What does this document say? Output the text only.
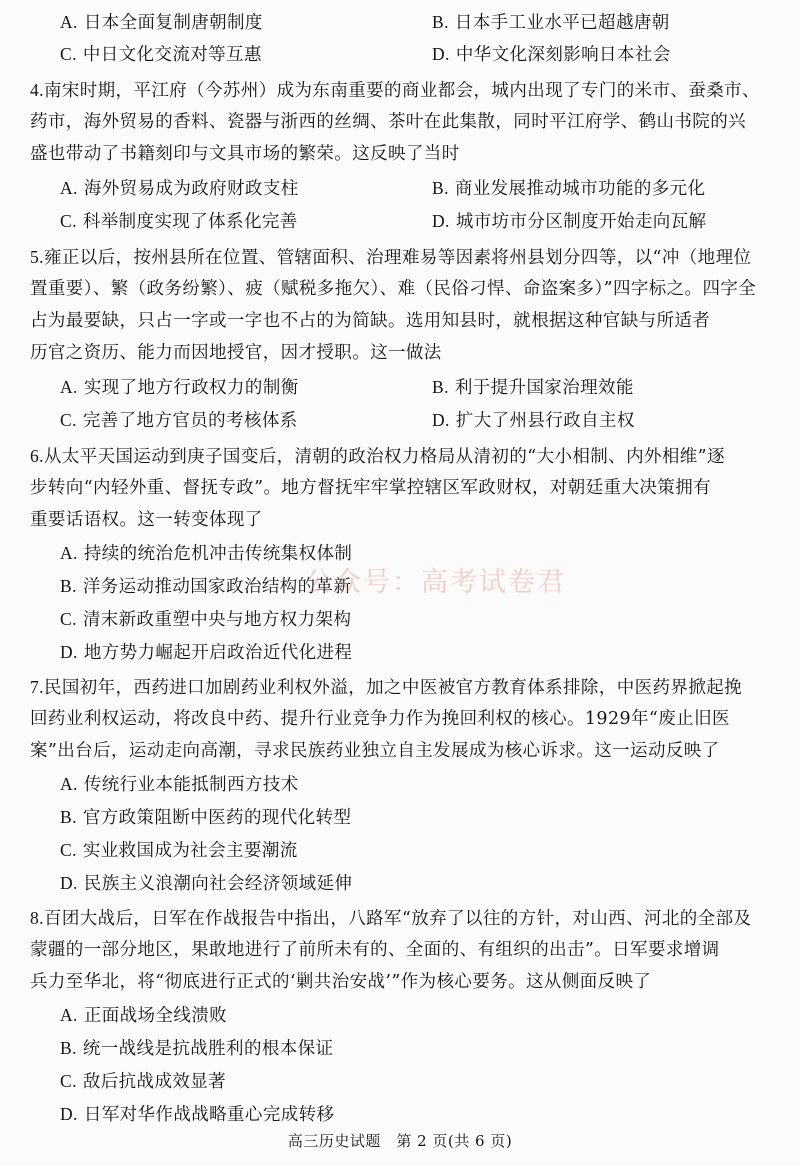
A. 日本全面复制唐朝制度	B. 日本手工业水平已超越唐朝
C. 中日文化交流对等互惠	D. 中华文化深刻影响日本社会
4.南宋时期，平江府（今苏州）成为东南重要的商业都会，城内出现了专门的米市、蚕桑市、
药市，海外贸易的香料、瓷器与浙西的丝绸、茶叶在此集散，同时平江府学、鹤山书院的兴
盛也带动了书籍刻印与文具市场的繁荣。这反映了当时
A. 海外贸易成为政府财政支柱	B. 商业发展推动城市功能的多元化
C. 科举制度实现了体系化完善	D. 城市坊市分区制度开始走向瓦解
5.雍正以后，按州县所在位置、管辖面积、治理难易等因素将州县划分四等，以“冲（地理位
置重要）、繁（政务纷繁）、疲（赋税多拖欠）、难（民俗刁悍、命盗案多）”四字标之。四字全
占为最要缺，只占一字或一字也不占的为简缺。选用知县时，就根据这种官缺与所适者
历官之资历、能力而因地授官，因才授职。这一做法
A. 实现了地方行政权力的制衡	B. 利于提升国家治理效能
C. 完善了地方官员的考核体系	D. 扩大了州县行政自主权
6.从太平天国运动到庚子国变后，清朝的政治权力格局从清初的“大小相制、内外相维”逐
步转向“内轻外重、督抚专政”。地方督抚牢牢掌控辖区军政财权，对朝廷重大决策拥有
重要话语权。这一转变体现了
A. 持续的统治危机冲击传统集权体制
B. 洋务运动推动国家政治结构的革新
C. 清末新政重塑中央与地方权力架构
D. 地方势力崛起开启政治近代化进程
7.民国初年，西药进口加剧药业利权外溢，加之中医被官方教育体系排除，中医药界掀起挽
回药业利权运动，将改良中药、提升行业竞争力作为挽回利权的核心。1929年“废止旧医
案”出台后，运动走向高潮，寻求民族药业独立自主发展成为核心诉求。这一运动反映了
A. 传统行业本能抵制西方技术
B. 官方政策阻断中医药的现代化转型
C. 实业救国成为社会主要潮流
D. 民族主义浪潮向社会经济领域延伸
8.百团大战后，日军在作战报告中指出，八路军“放弃了以往的方针，对山西、河北的全部及
蒙疆的一部分地区，果敢地进行了前所未有的、全面的、有组织的出击”。日军要求增调
兵力至华北，将“彻底进行正式的‘剿共治安战’”作为核心要务。这从侧面反映了
A. 正面战场全线溃败
B. 统一战线是抗战胜利的根本保证
C. 敌后抗战成效显著
D. 日军对华作战战略重心完成转移
公众号：高考试卷君
高三历史试题　第 2 页(共 6 页)
